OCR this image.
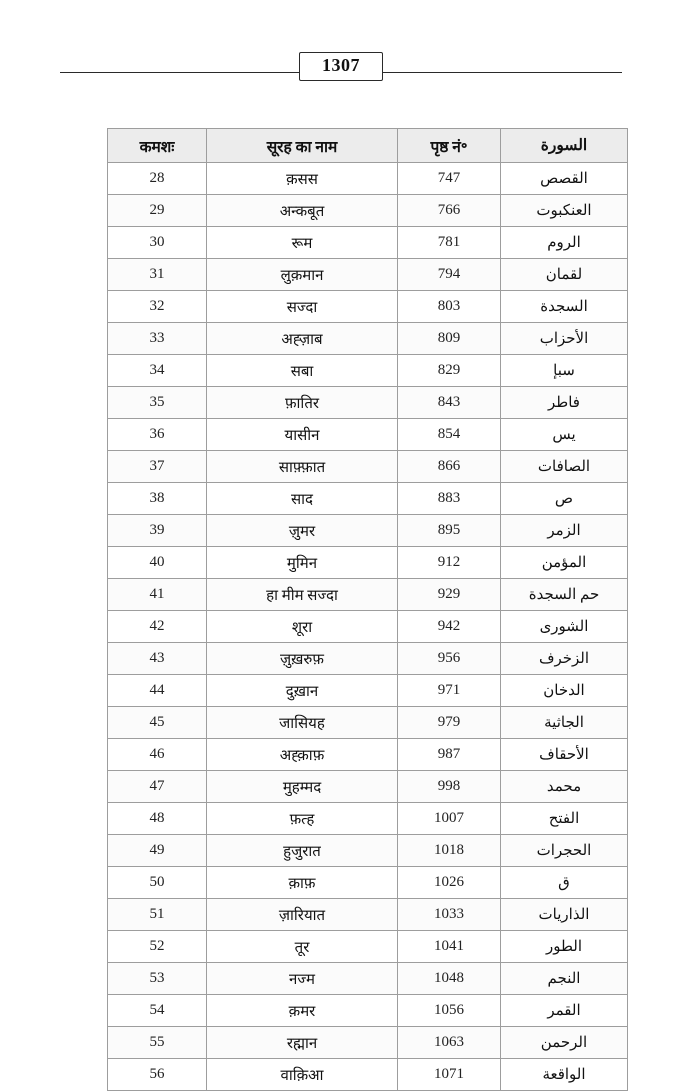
1307
कमशः	सूरह का नाम	पृष्ठ नं॰	السورة
28	क़सस	747	القصص
29	अन्कबूत	766	العنكبوت
30	रूम	781	الروم
31	लुक़मान	794	لقمان
32	सज्दा	803	السجدة
33	अह्ज़ाब	809	الأحزاب
34	सबा	829	سبإ
35	फ़ातिर	843	فاطر
36	यासीन	854	يس
37	साफ़्फ़ात	866	الصافات
38	साद	883	ص
39	ज़ुमर	895	الزمر
40	मुमिन	912	المؤمن
41	हा मीम सज्दा	929	حم السجدة
42	शूरा	942	الشورى
43	ज़ुख़रुफ़	956	الزخرف
44	दुख़ान	971	الدخان
45	जासियह	979	الجاثية
46	अह्क़ाफ़	987	الأحقاف
47	मुहम्मद	998	محمد
48	फ़त्ह	1007	الفتح
49	हुजुरात	1018	الحجرات
50	क़ाफ़	1026	ق
51	ज़ारियात	1033	الذاريات
52	तूर	1041	الطور
53	नज्म	1048	النجم
54	क़मर	1056	القمر
55	रह्मान	1063	الرحمن
56	वाक़िआ	1071	الواقعة
